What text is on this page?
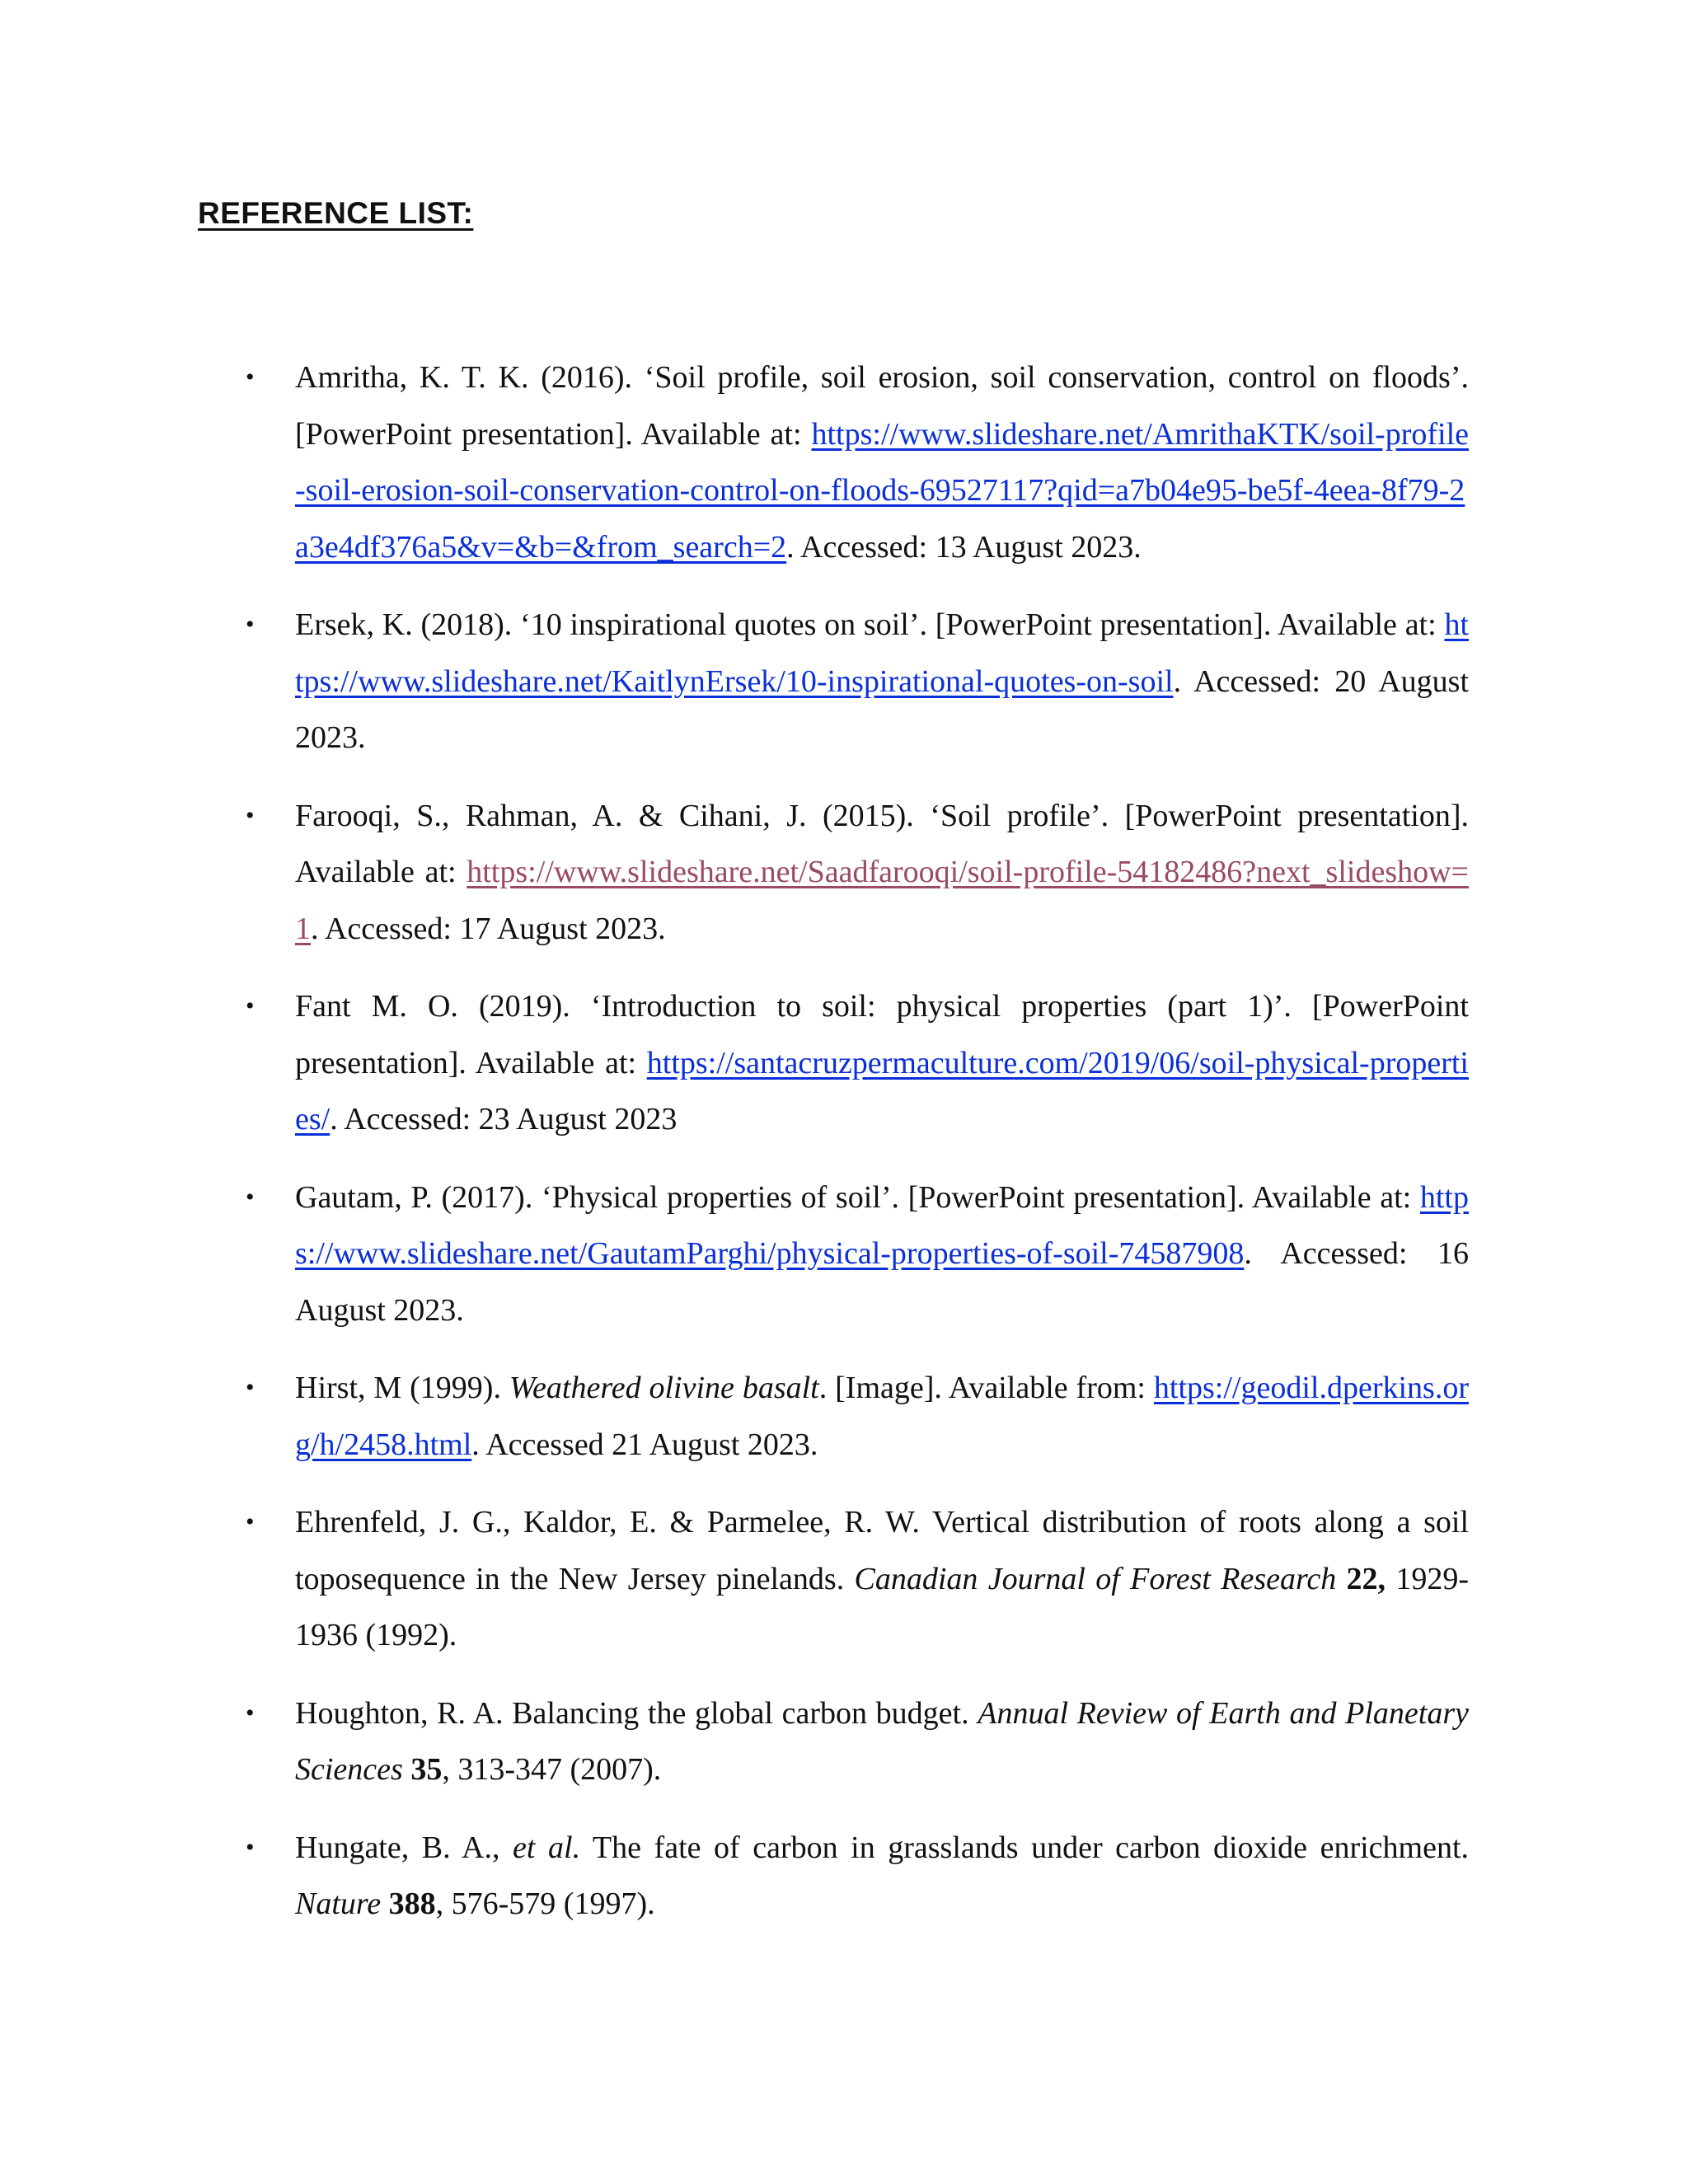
REFERENCE LIST:
• Amritha, K. T. K. (2016). ‘Soil profile, soil erosion, soil conservation, control on floods’. [PowerPoint presentation]. Available at: https://www.slideshare.net/AmrithaKTK/soil-profile-soil-erosion-soil-conservation-control-on-floods-69527117?qid=a7b04e95-be5f-4eea-8f79-2a3e4df376a5&v=&b=&from_search=2. Accessed: 13 August 2023.
• Ersek, K. (2018). ‘10 inspirational quotes on soil’. [PowerPoint presentation]. Available at: https://www.slideshare.net/KaitlynErsek/10-inspirational-quotes-on-soil. Accessed: 20 August 2023.
• Farooqi, S., Rahman, A. & Cihani, J. (2015). ‘Soil profile’. [PowerPoint presentation]. Available at: https://www.slideshare.net/Saadfarooqi/soil-profile-54182486?next_slideshow=1. Accessed: 17 August 2023.
• Fant M. O. (2019). ‘Introduction to soil: physical properties (part 1)’. [PowerPoint presentation]. Available at: https://santacruzpermaculture.com/2019/06/soil-physical-properties/. Accessed: 23 August 2023
• Gautam, P. (2017). ‘Physical properties of soil’. [PowerPoint presentation]. Available at: https://www.slideshare.net/GautamParghi/physical-properties-of-soil-74587908. Accessed: 16 August 2023.
• Hirst, M (1999). Weathered olivine basalt. [Image]. Available from: https://geodil.dperkins.org/h/2458.html. Accessed 21 August 2023.
• Ehrenfeld, J. G., Kaldor, E. & Parmelee, R. W. Vertical distribution of roots along a soil toposequence in the New Jersey pinelands. Canadian Journal of Forest Research 22, 1929-1936 (1992).
• Houghton, R. A. Balancing the global carbon budget. Annual Review of Earth and Planetary Sciences 35, 313-347 (2007).
• Hungate, B. A., et al. The fate of carbon in grasslands under carbon dioxide enrichment. Nature 388, 576-579 (1997).
